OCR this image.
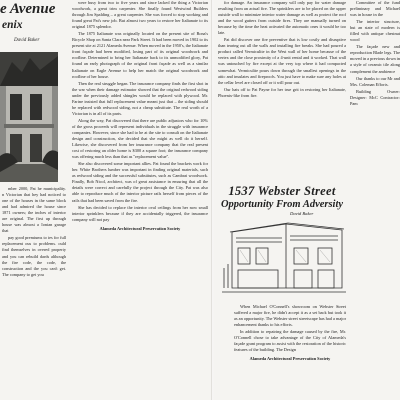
e Avenue
enix
David Baker

mber 2000, Pat he municipality. n Victorian that hey had noticed to one of the houses in the same block and had admired the house since 1871 owners; the inches of interior are original. The first up through house was almost a Ionian garage that

pay good premiums to ies for full replacement ous to problems. ould find themselves in overed property and you can rebuild dards although the fire code, the code, the construction and the you can't get. The company to get you

were busy from two to five years and since lacked the thing a Victorian woodwork, a great trim carpenter. She finally found Westwind Builders through Jim Spalding – a great carpenter. She was forced to stop working and found great Pat's new job. But almost two years to restore her Italianate to its original 1875 splendor.

The 1875 Italianate was originally located on the present site of Bona's Bicycle Shop on Santa Clara near Park Street. It had been moved in 1902 to its present site at 2121 Alameda Avenue. When moved in the 1950's, the Italianate front façade had been modified, losing part of its original woodwork and roofline. Determined to bring her Italianate back to its unmodified glory, Pat found an early photograph of the original front façade as well as a similar Italianate on Eagle Avenue to help her match the original woodwork and roofline of her house.

Then the real struggle began. The insurance company finds the first shot in the war when their damage estimator showed that the original redwood siding under the previously added shingles would be replaced with plywood. Mr. Farine insisted that full replacement value meant just that – the siding should be replaced with redwood siding, not a cheap substitute. The real worth of a Victorian is in all of its parts.

Along the way, Pat discovered that there are public adjustors who for 10% of the gross proceeds will represent individuals in the struggle with insurance companies. However, since she had to be at the site to consult on the Italianate design and construction, she decided that she might as well do it herself. Likewise, she discovered from her insurance company that the real present cost of restoring an older home is $300 a square foot; the insurance company was offering much less than that as "replacement value".

She also discovered some important allies. Pat found the brackets work for her. White Brothers lumber was important in finding original materials, such as redwood siding and the successful substitutes, such as Cambrai woodwork. Finally, Bob Nicol, architect, was of great assistance in ensuring that all the details were correct and carefully the project through the City. Pat was also able to reproduce much of the interior picture rails herself from pieces of the rails that had been saved from the fire.

She has decided to replace the interior oval ceilings from her now small interior sprinklers because if they are accidentally triggered, the insurance company will not pay

Alameda Architectural Preservation Society

for damage. An insurance company will only pay for water damage resulting from an actual fire. The sprinklers are to be placed on the upper outside wall to minimize interior water damage as well as protect the roof and the wood gutters from outside fires. They are manually turned on because by the time the heat activated the automatic ones it would be too late.

Pat did discover one fire preventive that is low costly and disruptive than tearing out all the walls and installing fire breaks. She had poured a product called Vermiculite in the West wall of her home because of the vertex and the close proximity of a 4-unit rental and it worked. That wall was untouched by fire except at the very top where it had compacted somewhat. Vermiculite pours down through the smallest openings in the attic and insulates and fireproofs. You just have to make sure any holes at the cellar level are closed off or it will pour out.

Our hats off to Pat Payne for her true grit in restoring her Italianate, Phoenix-like from fire.

Committee of the fund preliminary and Michael was in house in the

The interior structure, but an state of modern is filled with antique chestnut wood

The façade new and reproduction Blade legs. The moved in a previous down in a style of ceramic tile along complement the ambience

Our thanks to our Mr and Mrs. Coleman Efforts.

Building Owner: Designer: McC Contractor: Pam

1537 Webster Street
Opportunity From Adversity
David Baker

When Michael O'Connell's showroom on Webster Street suffered a major fire, he didn't accept it as a set back but took it as an opportunity. The Webster street streetscape has had a major enhancement thanks to his efforts.

In addition to repairing the damage caused by the fire, Mr. O'Connell chose to take advantage of the City of Alameda's façade grant program to assist with the restoration of the historic features of the building. The Design

Alameda Architectural Preservation Society
